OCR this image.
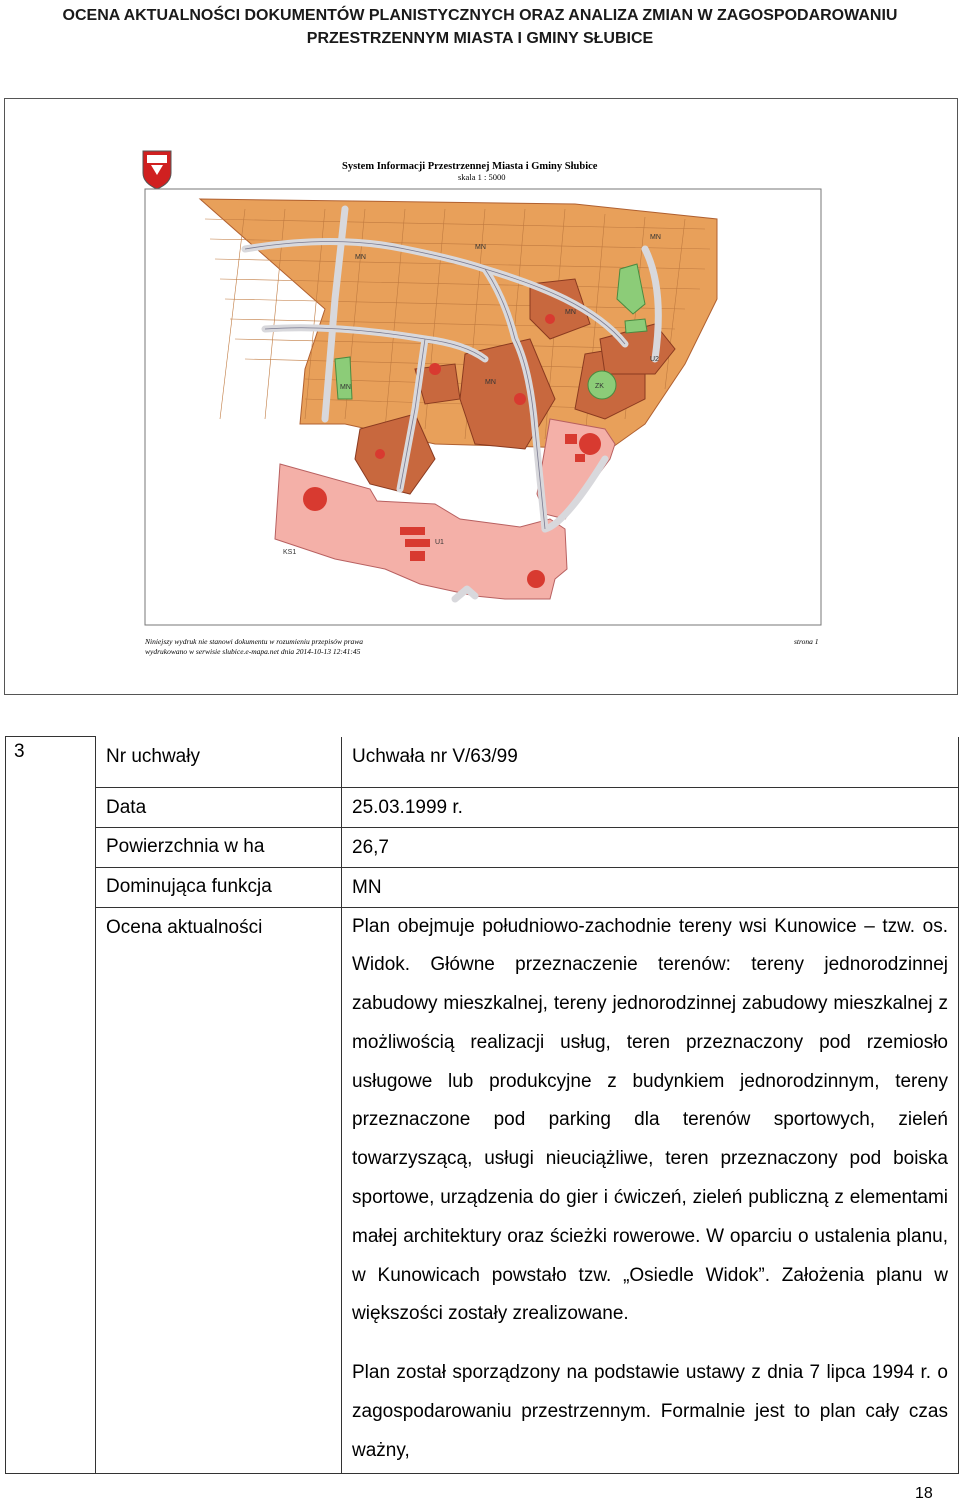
OCENA AKTUALNOŚCI DOKUMENTÓW PLANISTYCZNYCH ORAZ ANALIZA ZMIAN W ZAGOSPODAROWANIU
PRZESTRZENNYM MIASTA I GMINY SŁUBICE
System Informacji Przestrzennej Miasta i Gminy Słubice
skala 1 : 5000
MN
MN
MN
MN	ZK
MN
MN
U2
U1
KS1
Niniejszy wydruk nie stanowi dokumentu w rozumieniu przepisów prawa
wydrukowano w serwisie slubice.e-mapa.net dnia 2014-10-13 12:41:45
strona 1
3	Nr uchwały	Uchwała nr V/63/99
	Data	25.03.1999 r.
	Powierzchnia w ha	26,7
	Dominująca funkcja	MN
	Ocena aktualności	Plan obejmuje południowo-zachodnie tereny wsi Kunowice – tzw. os. Widok. Główne przeznaczenie terenów: tereny jednorodzinnej zabudowy mieszkalnej, tereny jednorodzinnej zabudowy mieszkalnej z możliwością realizacji usług, teren przeznaczony pod rzemiosło usługowe lub produkcyjne z budynkiem jednorodzinnym, tereny przeznaczone pod parking dla terenów sportowych, zieleń towarzyszącą, usługi nieuciążliwe, teren przeznaczony pod boiska sportowe, urządzenia do gier i ćwiczeń, zieleń publiczną z elementami małej architektury oraz ścieżki rowerowe. W oparciu o ustalenia planu, w Kunowicach powstało tzw. „Osiedle Widok”. Założenia planu w większości zostały zrealizowane.
Plan został sporządzony na podstawie ustawy z dnia 7 lipca 1994 r. o zagospodarowaniu przestrzennym. Formalnie jest to plan cały czas ważny,
18
